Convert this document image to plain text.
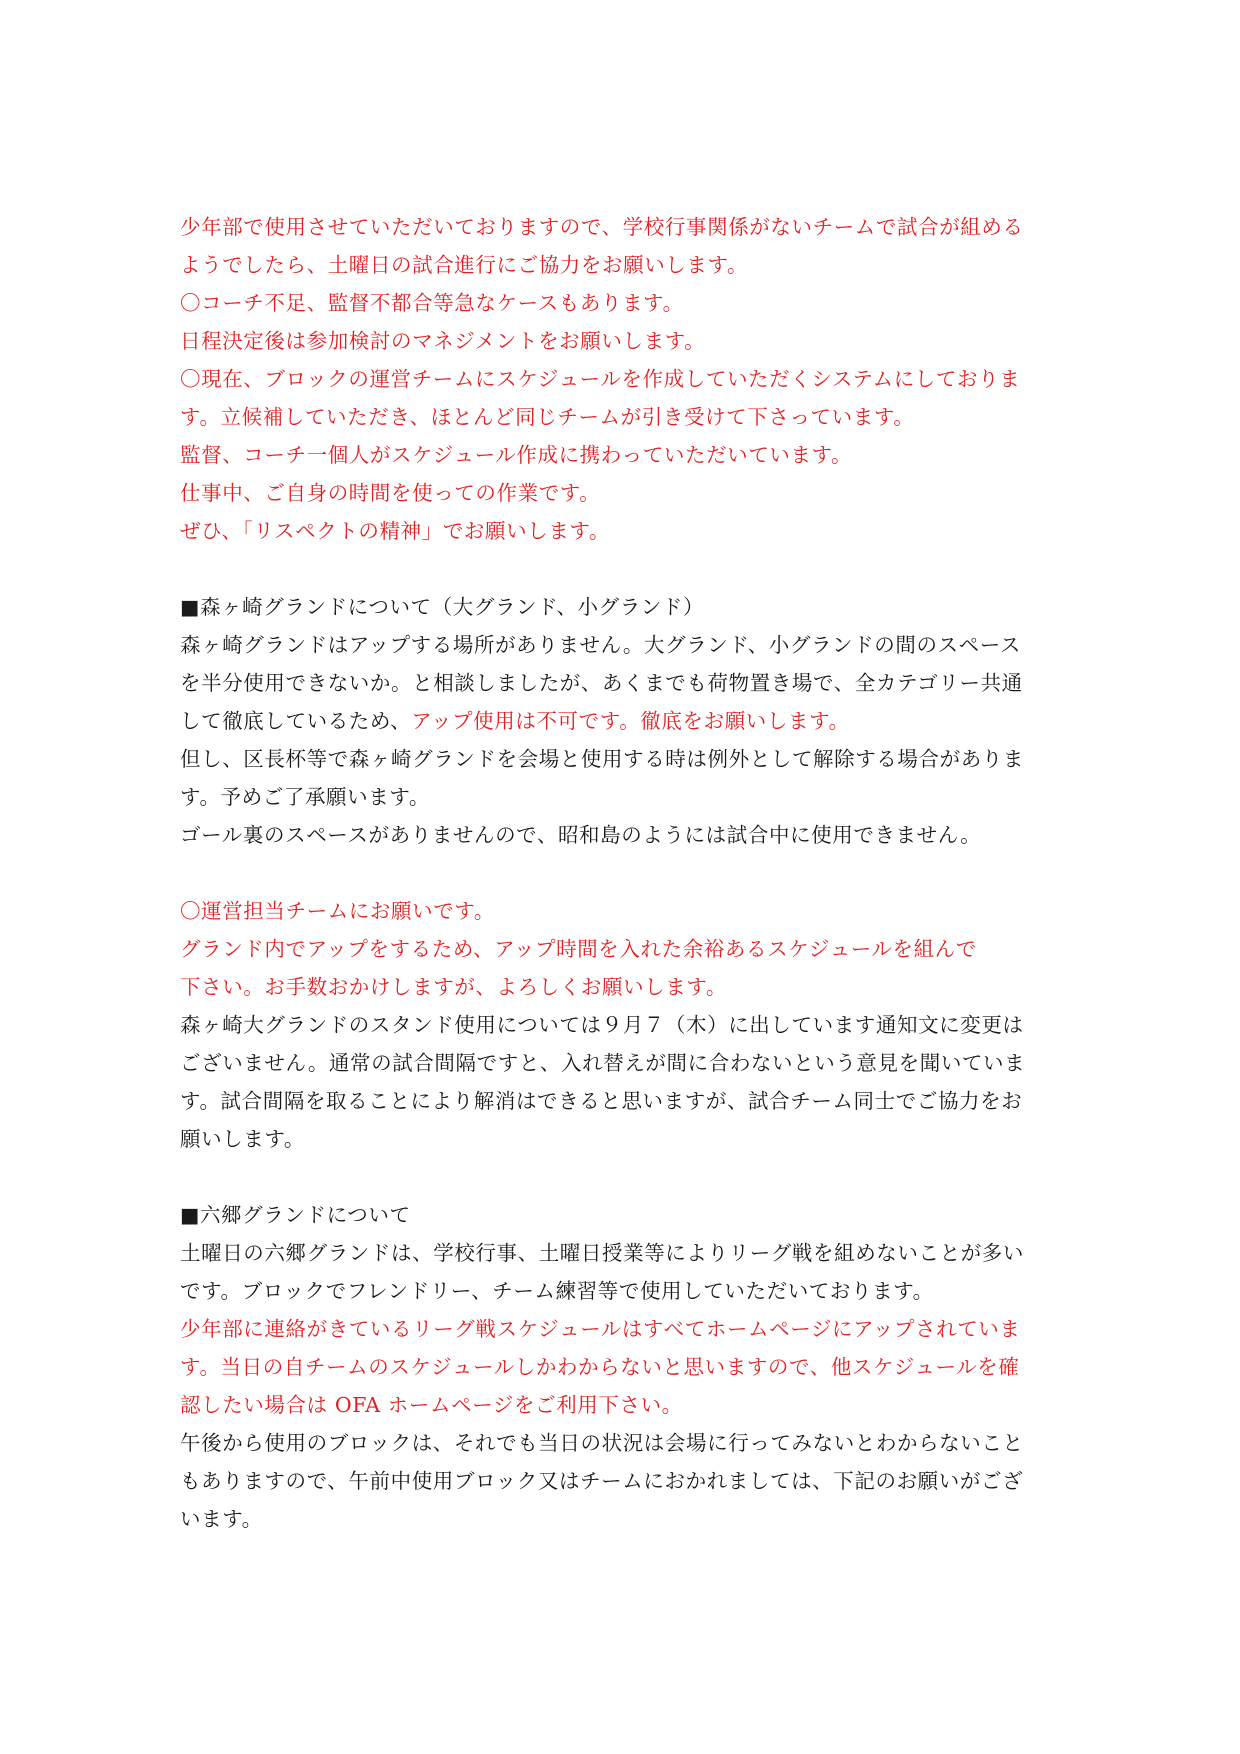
少年部で使用させていただいておりますので、学校行事関係がないチームで試合が組める
ようでしたら、土曜日の試合進行にご協力をお願いします。
〇コーチ不足、監督不都合等急なケースもあります。
日程決定後は参加検討のマネジメントをお願いします。
〇現在、ブロックの運営チームにスケジュールを作成していただくシステムにしておりま
す。立候補していただき、ほとんど同じチームが引き受けて下さっています。
監督、コーチ一個人がスケジュール作成に携わっていただいています。
仕事中、ご自身の時間を使っての作業です。
ぜひ、「リスペクトの精神」でお願いします。
■森ヶ崎グランドについて（大グランド、小グランド）
森ヶ崎グランドはアップする場所がありません。大グランド、小グランドの間のスペース
を半分使用できないか。と相談しましたが、あくまでも荷物置き場で、全カテゴリー共通
して徹底しているため、アップ使用は不可です。徹底をお願いします。
但し、区長杯等で森ヶ崎グランドを会場と使用する時は例外として解除する場合がありま
す。予めご了承願います。
ゴール裏のスペースがありませんので、昭和島のようには試合中に使用できません。
〇運営担当チームにお願いです。
グランド内でアップをするため、アップ時間を入れた余裕あるスケジュールを組んで
下さい。お手数おかけしますが、よろしくお願いします。
森ヶ崎大グランドのスタンド使用については９月７（木）に出しています通知文に変更は
ございません。通常の試合間隔ですと、入れ替えが間に合わないという意見を聞いていま
す。試合間隔を取ることにより解消はできると思いますが、試合チーム同士でご協力をお
願いします。
■六郷グランドについて
土曜日の六郷グランドは、学校行事、土曜日授業等によりリーグ戦を組めないことが多い
です。ブロックでフレンドリー、チーム練習等で使用していただいております。
少年部に連絡がきているリーグ戦スケジュールはすべてホームページにアップされていま
す。当日の自チームのスケジュールしかわからないと思いますので、他スケジュールを確
認したい場合は OFA ホームページをご利用下さい。
午後から使用のブロックは、それでも当日の状況は会場に行ってみないとわからないこと
もありますので、午前中使用ブロック又はチームにおかれましては、下記のお願いがござ
います。
